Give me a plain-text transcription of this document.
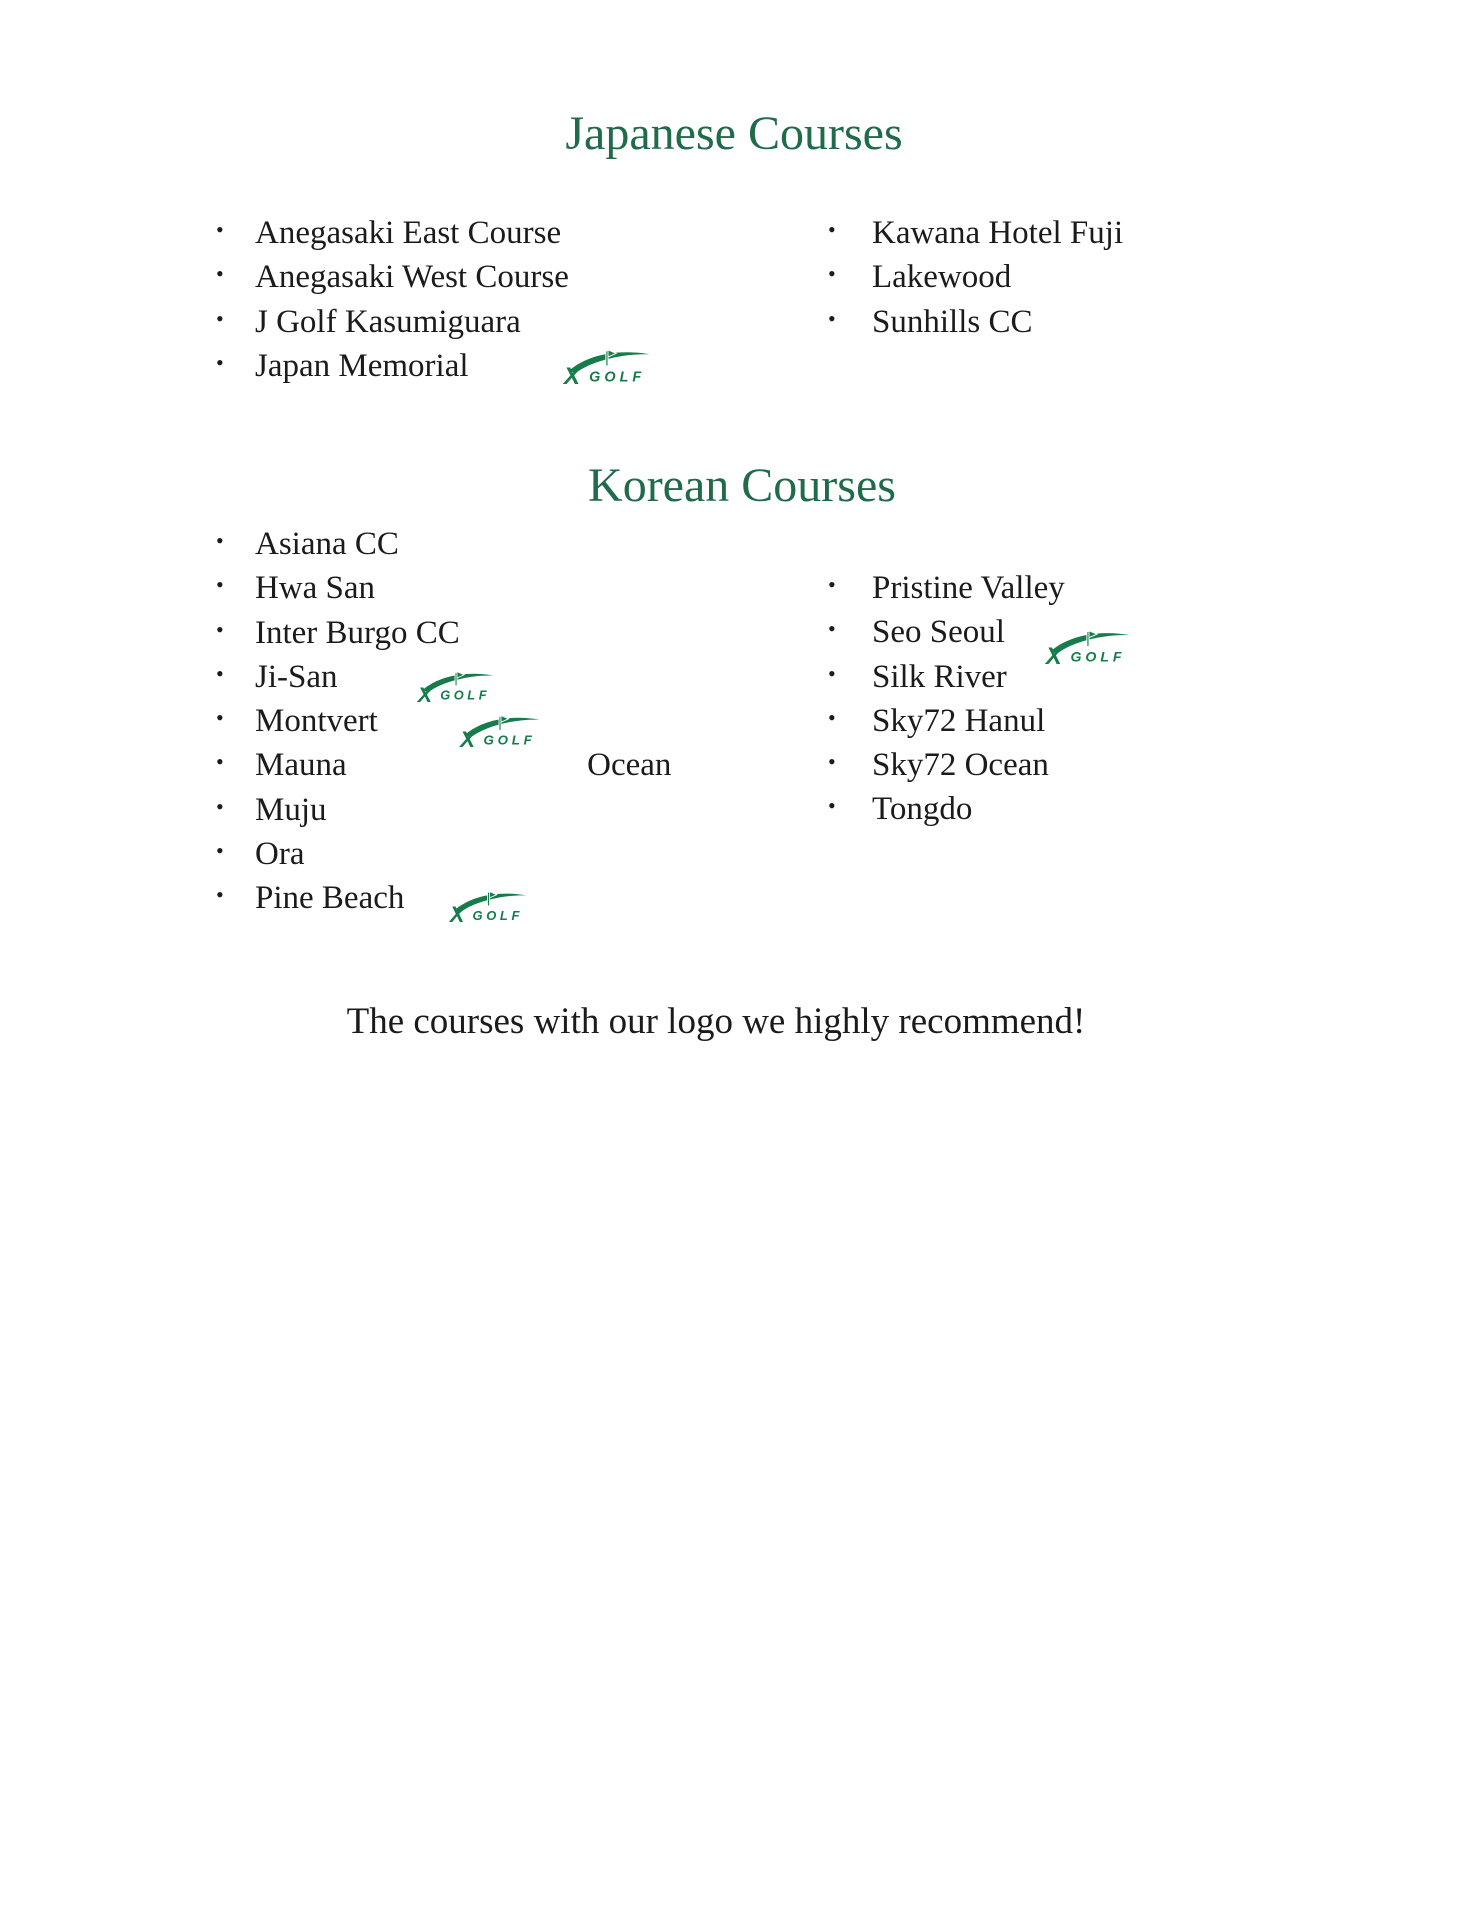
Japanese Courses
•
Anegasaki East Course
•
Anegasaki West Course
•
J Golf Kasumiguara
•
Japan Memorial
•
Kawana Hotel Fuji
•
Lakewood
•
Sunhills CC
Korean Courses
•
Asiana CC
•
Hwa San
•
Inter Burgo CC
•
Ji-San
•
Montvert
•
Mauna	Ocean
•
Muju
•
Ora
•
Pine Beach
•
Pristine Valley
•
Seo Seoul
•
Silk River
•
Sky72 Hanul
•
Sky72 Ocean
•
Tongdo
X GOLF
X GOLF
X GOLF
X GOLF
X GOLF
The courses with our logo we highly recommend!
